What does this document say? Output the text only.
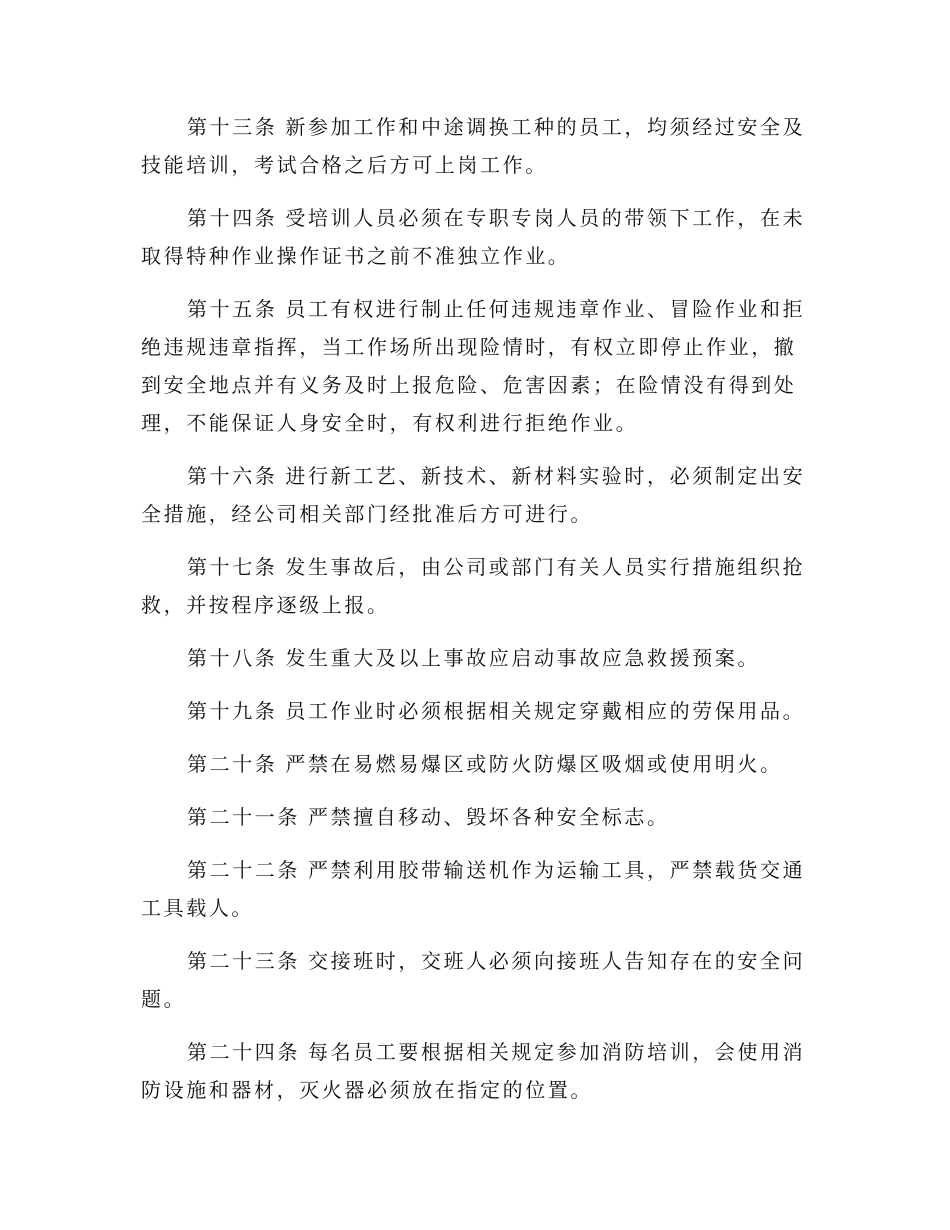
第十三条 新参加工作和中途调换工种的员工，均须经过安全及技能培训，考试合格之后方可上岗工作。

第十四条 受培训人员必须在专职专岗人员的带领下工作，在未取得特种作业操作证书之前不准独立作业。

第十五条 员工有权进行制止任何违规违章作业、冒险作业和拒绝违规违章指挥，当工作场所出现险情时，有权立即停止作业，撤到安全地点并有义务及时上报危险、危害因素；在险情没有得到处理，不能保证人身安全时，有权利进行拒绝作业。

第十六条 进行新工艺、新技术、新材料实验时，必须制定出安全措施，经公司相关部门经批准后方可进行。

第十七条 发生事故后，由公司或部门有关人员实行措施组织抢救，并按程序逐级上报。

第十八条 发生重大及以上事故应启动事故应急救援预案。

第十九条 员工作业时必须根据相关规定穿戴相应的劳保用品。

第二十条 严禁在易燃易爆区或防火防爆区吸烟或使用明火。

第二十一条 严禁擅自移动、毁坏各种安全标志。

第二十二条 严禁利用胶带输送机作为运输工具，严禁载货交通工具载人。

第二十三条 交接班时，交班人必须向接班人告知存在的安全问题。

第二十四条 每名员工要根据相关规定参加消防培训，会使用消防设施和器材，灭火器必须放在指定的位置。
